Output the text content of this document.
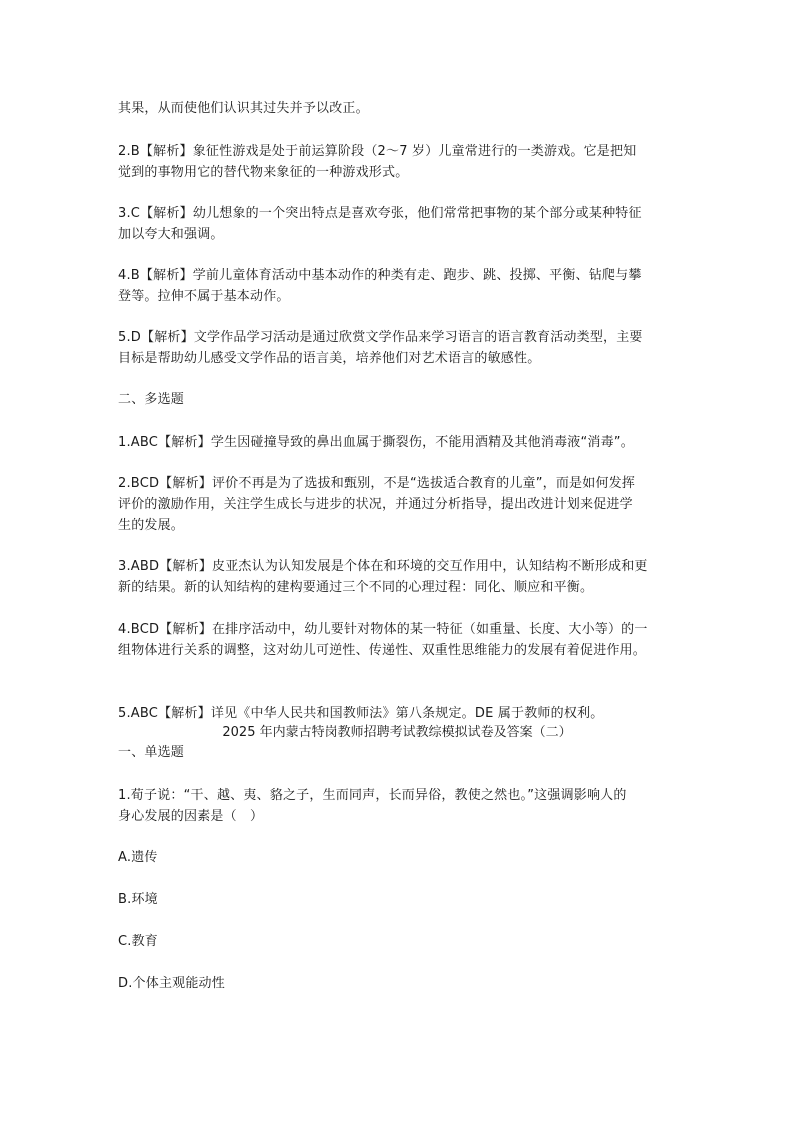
其果，从而使他们认识其过失并予以改正。
2.B【解析】象征性游戏是处于前运算阶段（2～7 岁）儿童常进行的一类游戏。它是把知
觉到的事物用它的替代物来象征的一种游戏形式。
3.C【解析】幼儿想象的一个突出特点是喜欢夸张，他们常常把事物的某个部分或某种特征
加以夸大和强调。
4.B【解析】学前儿童体育活动中基本动作的种类有走、跑步、跳、投掷、平衡、钻爬与攀
登等。拉伸不属于基本动作。
5.D【解析】文学作品学习活动是通过欣赏文学作品来学习语言的语言教育活动类型，主要
目标是帮助幼儿感受文学作品的语言美，培养他们对艺术语言的敏感性。
二、多选题
1.ABC【解析】学生因碰撞导致的鼻出血属于撕裂伤，不能用酒精及其他消毒液“消毒”。
2.BCD【解析】评价不再是为了选拔和甄别，不是“选拔适合教育的儿童”，而是如何发挥
评价的激励作用，关注学生成长与进步的状况，并通过分析指导，提出改进计划来促进学
生的发展。
3.ABD【解析】皮亚杰认为认知发展是个体在和环境的交互作用中，认知结构不断形成和更
新的结果。新的认知结构的建构要通过三个不同的心理过程：同化、顺应和平衡。
4.BCD【解析】在排序活动中，幼儿要针对物体的某一特征（如重量、长度、大小等）的一
组物体进行关系的调整，这对幼儿可逆性、传递性、双重性思维能力的发展有着促进作用。
5.ABC【解析】详见《中华人民共和国教师法》第八条规定。DE 属于教师的权利。
2025 年内蒙古特岗教师招聘考试教综模拟试卷及答案（二）
一、单选题
1.荀子说：“干、越、夷、貉之子，生而同声，长而异俗，教使之然也。”这强调影响人的
身心发展的因素是（　）
A.遗传
B.环境
C.教育
D.个体主观能动性
